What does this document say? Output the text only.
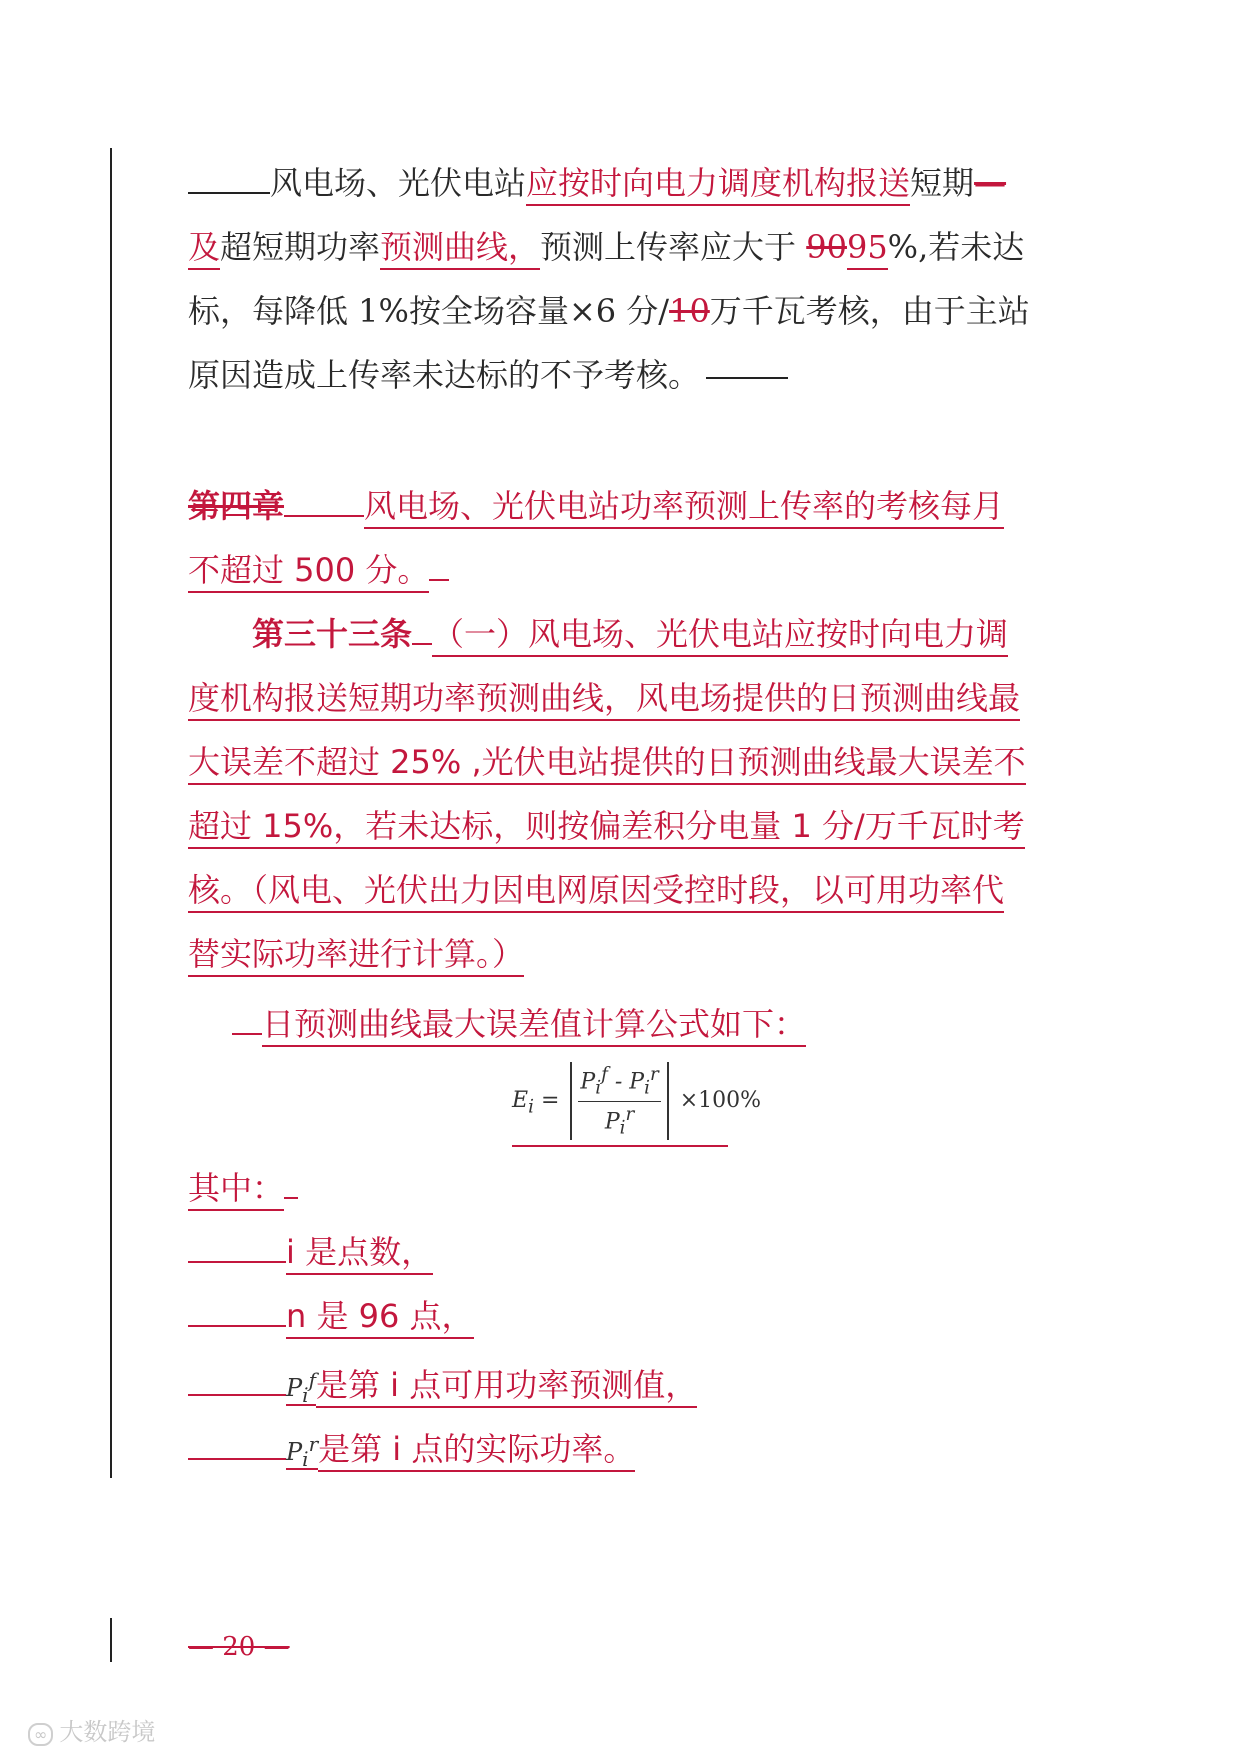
风电场、光伏电站应按时向电力调度机构报送短期—
及超短期功率预测曲线，预测上传率应大于 9095%,若未达
标，每降低 1%按全场容量×6 分/10万千瓦考核，由于主站
原因造成上传率未达标的不予考核。
第四章	风电场、光伏电站功率预测上传率的考核每月
不超过 500 分。
第三十三条 （一）风电场、光伏电站应按时向电力调
度机构报送短期功率预测曲线，风电场提供的日预测曲线最
大误差不超过 25% ,光伏电站提供的日预测曲线最大误差不
超过 15%，若未达标，则按偏差积分电量 1 分/万千瓦时考
核。（风电、光伏出力因电网原因受控时段，以可用功率代
替实际功率进行计算。）
日预测曲线最大误差值计算公式如下：
$E_i = \frac{P_i^f - P_i^r}{P_i^r} \times 100\%$
其中：
i 是点数，
n 是 96 点，
$P_i^f$是第 i 点可用功率预测值，
$P_i^r$是第 i 点的实际功率。
— 20 —
∞ 大数跨境
